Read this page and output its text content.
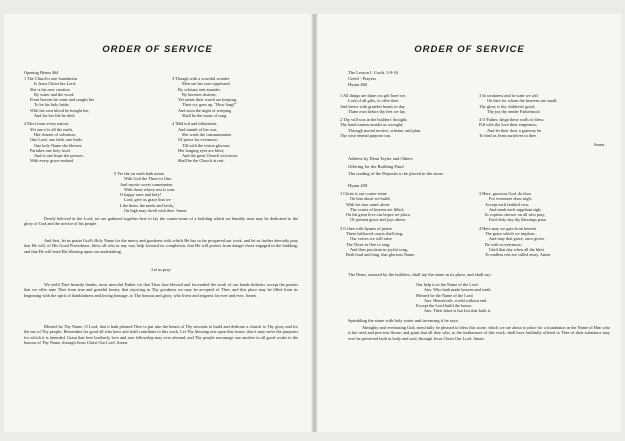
ORDER OF SERVICE
Opening Hymn 464
1 The Church's one foundation
Is Jesus Christ her Lord;
She is his new creation
By water and the word:
From heaven he came and sought her
To be his holy bride;
With his own blood he bought her,
And for her life he died.
2 Elect from every nation,
Yet one o'er all the earth,
Her charter of salvation,
One Lord, one faith, one birth;
One holy Name she blesses,
Partakes one holy food,
And to one hope she presses,
With every grace endued.
3 Though with a scornful wonder
Men see her sore oppressed,
By schisms rent asunder,
By heresies distrest;
Yet saints their watch are keeping,
Their cry goes up, "How long?"
And soon the night of weeping
Shall be the morn of song.
4 'Mid toil and tribulation,
And tumult of her war,
She waits the consummation
Of peace for evermore;
Till with the vision glorious
Her longing eyes are blest;
And the great Church victorious
Shall be the Church at rest.
5 Yet she on earth hath union
With God the Three in One,
And mystic sweet communion
With those whose rest is won.
O happy ones and holy!
Lord, give us grace that we
Like them, the meek and lowly,
On high may dwell with thee. Amen.
Dearly beloved in the Lord, we are gathered together here to lay the corner-stone of a building which we humbly trust may be dedicated to the glory of God and the service of his people.
And first, let us praise God's Holy Name for the mercy and goodness with which He has so far prospered our work, and let us further devoutly pray that He will, of His Good Providence, bless all who in any way help forward its completion, that He will protect from danger those engaged in the building; and that He will send His blessing upon our undertaking.
Let us pray
We yield Thee heartily thanks, most merciful Father for that Thou hast blessed and forwarded the work of our hands hitherto; accept the praises that we offer unto Thee from true and grateful hearts, that rejoicing in Thy goodness we may be accepted of Thee, and this place may be filled from its beginning with the spirit of thankfulness and loving homage, to Thy honour and glory, who livest and reignest for ever and ever. Amen.
Blessed be Thy Name, O Lord, that it hath pleased Thee to put into the hearts of Thy servants to build and dedicate a church to Thy glory and for the use of Thy people. Remember for good all who have and shall contribute to this work. Let Thy blessing rest upon this house, that it may serve the purposes for which it is intended. Grant that here brotherly love and true fellowship may ever abound; and Thy people encourage one another in all good works to the honour of Thy Name, through Jesus Christ Our Lord. Amen.
ORDER OF SERVICE
The Lesson I. Corth. 3:9-16
Creed - Prayers
Hymn 460
1 All things are thine; no gift have we,
Lord of all gifts, to offer thee:
And hence with grateful hearts to-day
Thine own before thy feet we lay.
2 Thy will was in the builders' thought;
Thy hand unseen amidst us wrought;
Through mortal motive, scheme, and plan,
Thy wise eternal purpose ran.
3 In weakness and in want we call
On thee for whom the heavens are small;
Thy glory is thy children's good,
Thy joy thy tender Fatherhood.
4 O Father, deign these walls to bless;
Fill with thy love their emptiness;
And let their door a gateway be
To lead us from ourselves to thee.
Amen.
Address by Dean Taylor and Others.
Offering for the Building Fund
The reading of the Deposits to be placed in the stone.
Hymn 458
1 Christ is our corner-stone
On him alone we build;
With his true saints alone
The courts of heaven are filled;
On his great love our hopes we place,
Of present grace and joys above.
2 O then with hymns of praise
These hallowed courts shall ring;
Our voices we will raise
The Three in One to sing;
And thus proclaim in joyful song,
Both loud and long, that glorious Name.
3 Here, gracious God, do thou
For evermore draw nigh;
Accept each faithful vow,
And mark each suppliant sigh;
In copious shower on all who pray,
Each holy day thy blessings pour.
4 Here may we gain from heaven
The grace which we implore;
And may that grace, once given,
Be with us evermore;
Until that day when all the blest
To endless rest are called away. Amen
The Dean, assisted by the builders, shall lay the stone in its place, and shall say:
Our help is in the Name of the Lord.
Ans: Who hath made heaven and earth.
Blessed be the Name of the Lord.
Ans: Henceforth, world without end.
Except the Lord build the house,
Ans: Their labor is but lost that built it.
Sprinkling the stone with holy water and incensing it he says:
Almighty and everlasting God, mercifully be pleased to bless this stone, which we are about to place for a foundation in the Name of Him who is the tried and precious Stone; and grant that all they who, to the furtherance of this work, shall have faithfully offered to Thee of their substance may ever be preserved both in body and soul; through Jesus Christ Our Lord. Amen.
